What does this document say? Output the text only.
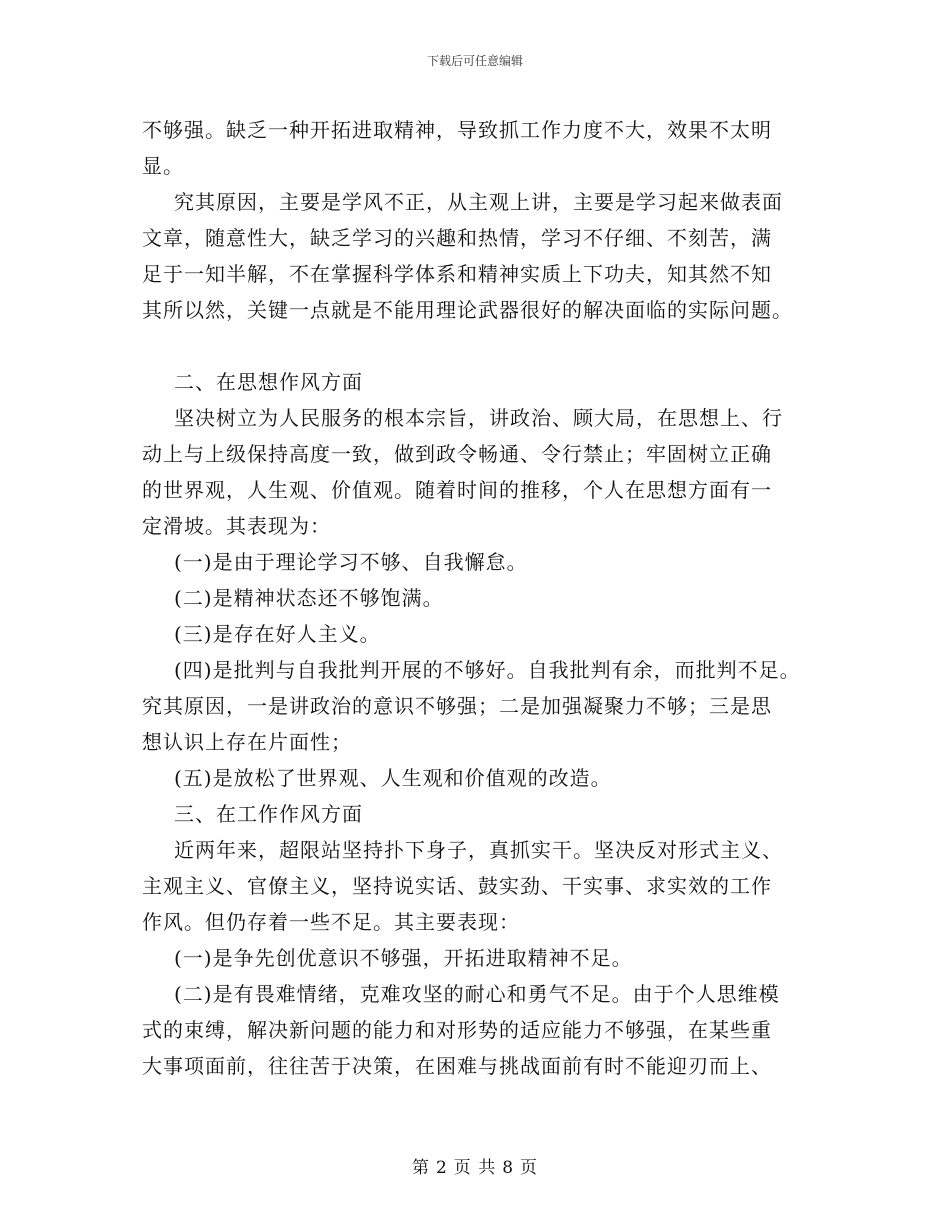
下载后可任意编辑
不够强。缺乏一种开拓进取精神，导致抓工作力度不大，效果不太明
显。
究其原因，主要是学风不正，从主观上讲，主要是学习起来做表面
文章，随意性大，缺乏学习的兴趣和热情，学习不仔细、不刻苦，满
足于一知半解，不在掌握科学体系和精神实质上下功夫，知其然不知
其所以然，关键一点就是不能用理论武器很好的解决面临的实际问题。
二、在思想作风方面
坚决树立为人民服务的根本宗旨，讲政治、顾大局，在思想上、行
动上与上级保持高度一致，做到政令畅通、令行禁止；牢固树立正确
的世界观，人生观、价值观。随着时间的推移，个人在思想方面有一
定滑坡。其表现为：
(一)是由于理论学习不够、自我懈怠。
(二)是精神状态还不够饱满。
(三)是存在好人主义。
(四)是批判与自我批判开展的不够好。自我批判有余，而批判不足。
究其原因，一是讲政治的意识不够强；二是加强凝聚力不够；三是思
想认识上存在片面性；
(五)是放松了世界观、人生观和价值观的改造。
三、在工作作风方面
近两年来，超限站坚持扑下身子，真抓实干。坚决反对形式主义、
主观主义、官僚主义，坚持说实话、鼓实劲、干实事、求实效的工作
作风。但仍存着一些不足。其主要表现：
(一)是争先创优意识不够强，开拓进取精神不足。
(二)是有畏难情绪，克难攻坚的耐心和勇气不足。由于个人思维模
式的束缚，解决新问题的能力和对形势的适应能力不够强，在某些重
大事项面前，往往苦于决策，在困难与挑战面前有时不能迎刃而上、
第 2 页 共 8 页
